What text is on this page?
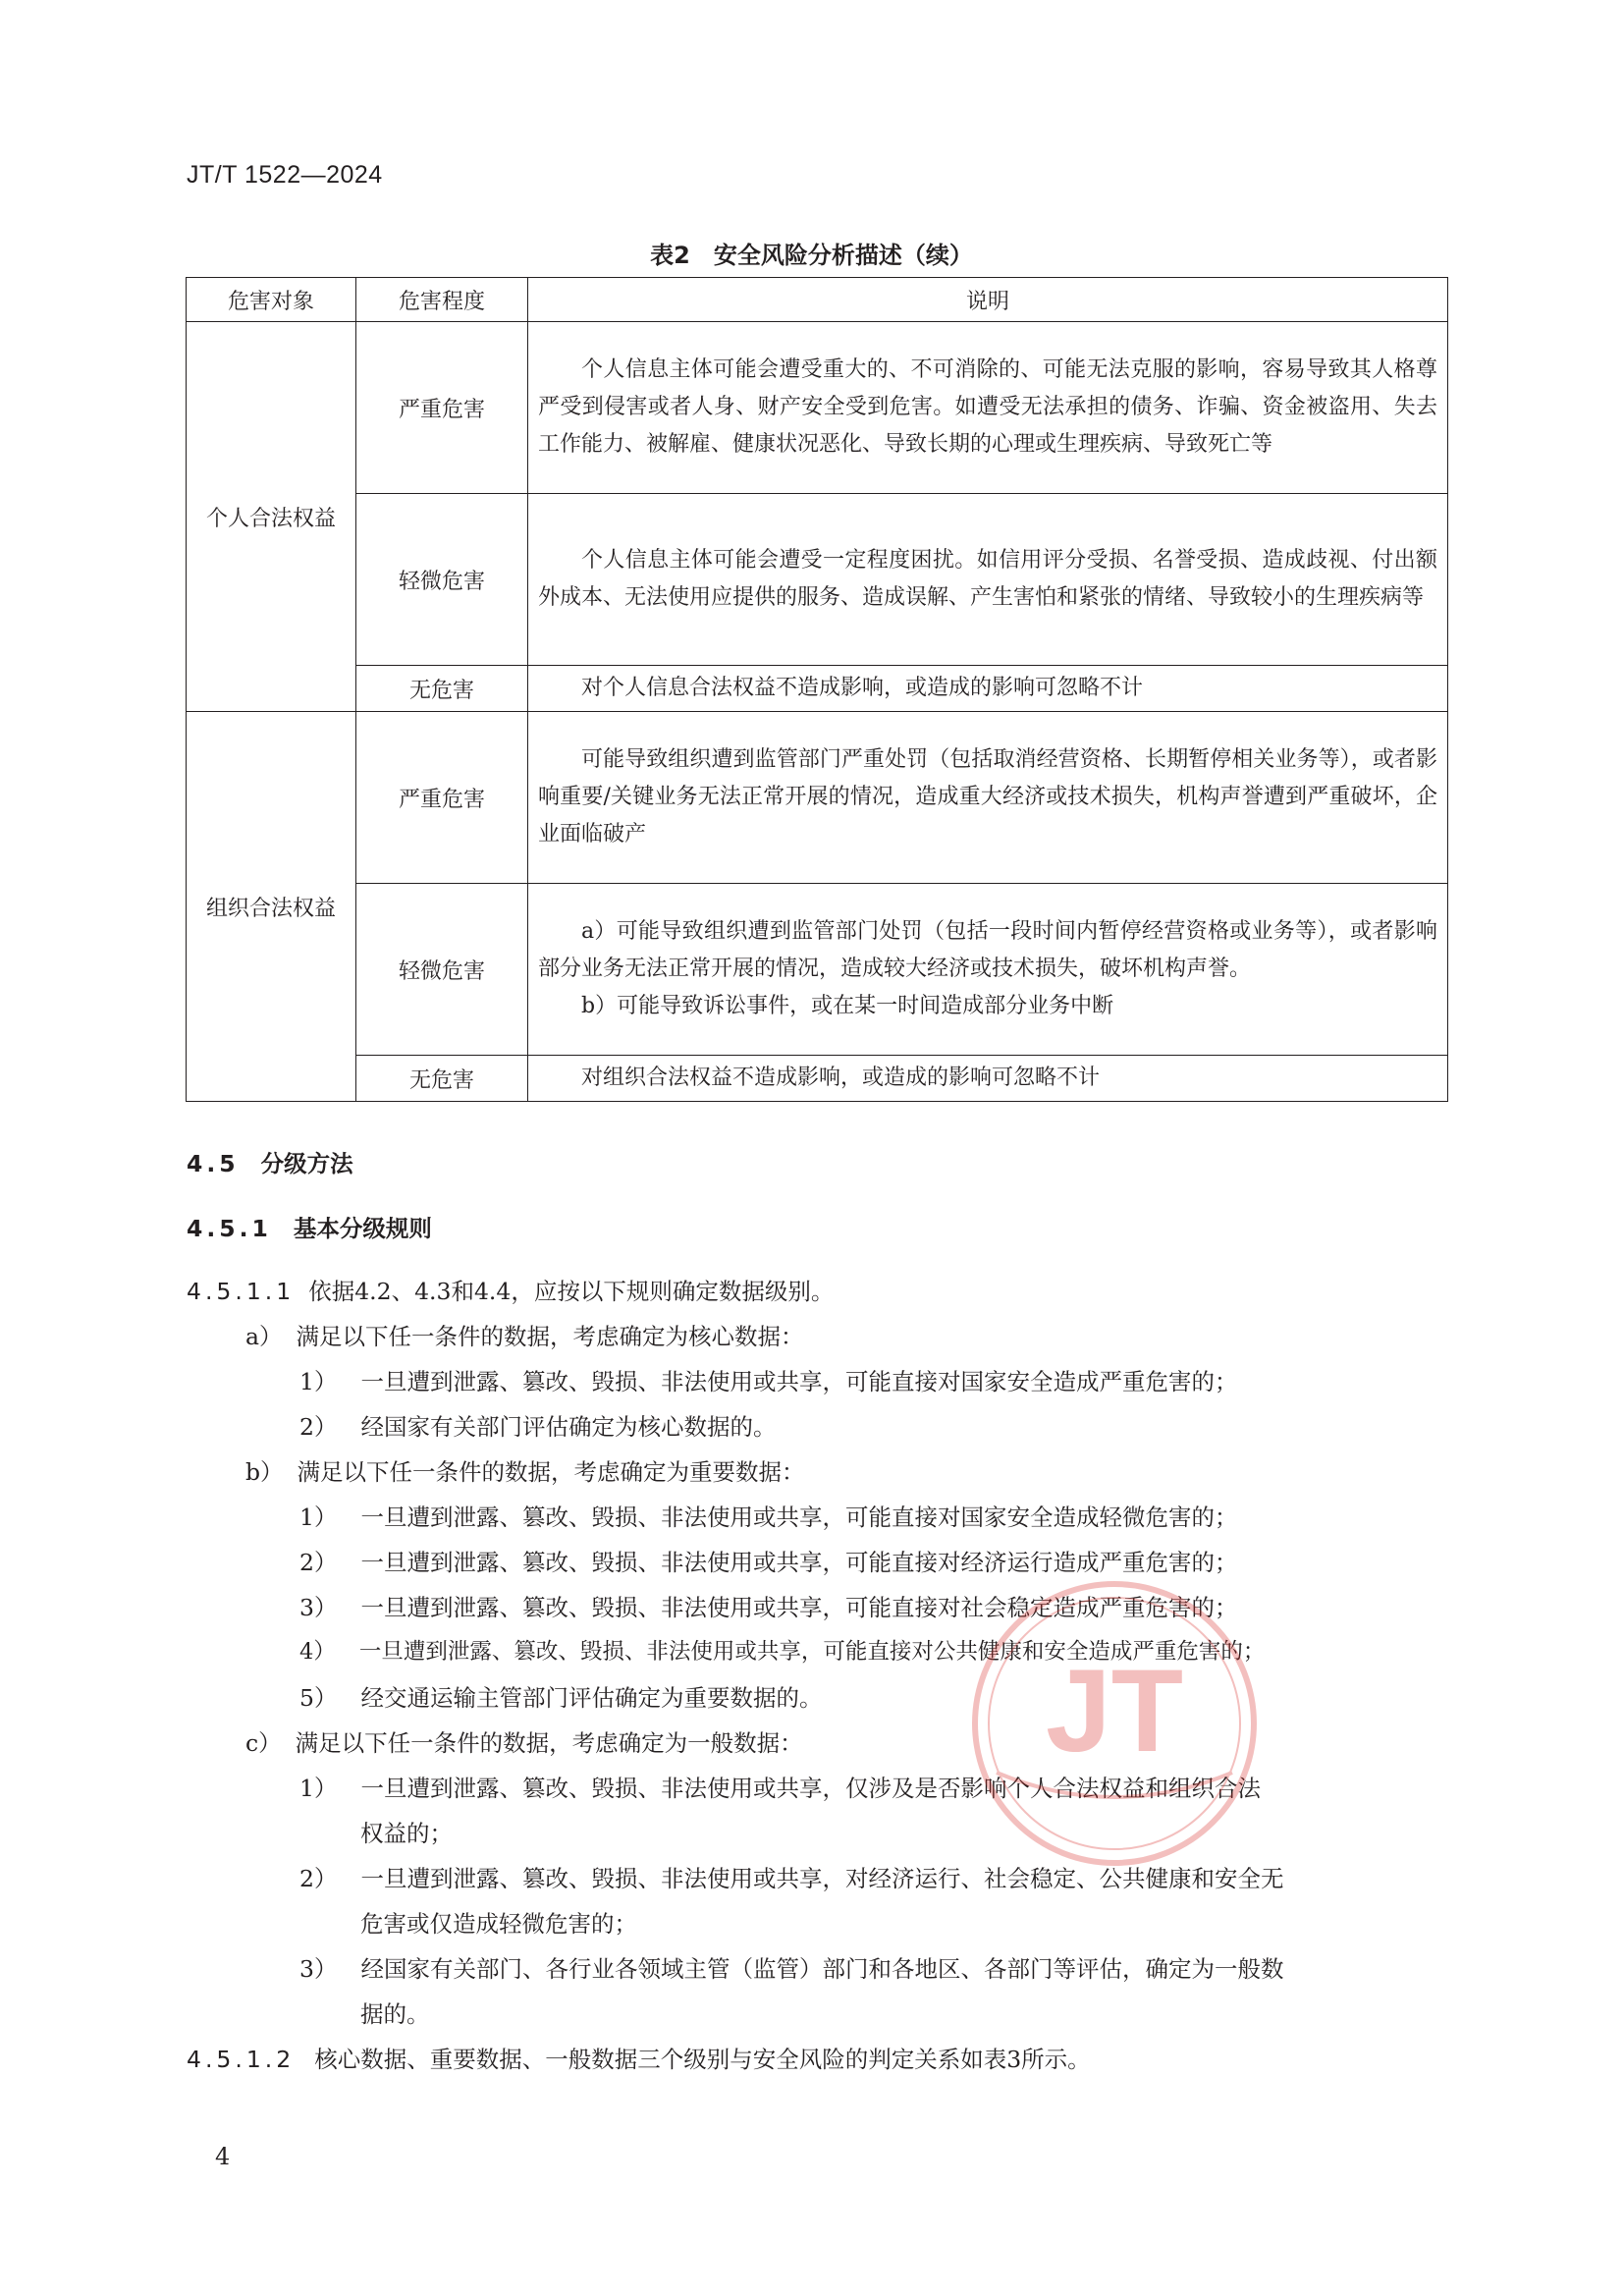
JT/T 1522—2024
表2　安全风险分析描述（续）
危害对象	危害程度	说明
个人合法权益	严重危害	个人信息主体可能会遭受重大的、不可消除的、可能无法克服的影响，容易导致其人格尊严受到侵害或者人身、财产安全受到危害。如遭受无法承担的债务、诈骗、资金被盗用、失去工作能力、被解雇、健康状况恶化、导致长期的心理或生理疾病、导致死亡等

	轻微危害	个人信息主体可能会遭受一定程度困扰。如信用评分受损、名誉受损、造成歧视、付出额外成本、无法使用应提供的服务、造成误解、产生害怕和紧张的情绪、导致较小的生理疾病等

	无危害	对个人信息合法权益不造成影响，或造成的影响可忽略不计

组织合法权益	严重危害	可能导致组织遭到监管部门严重处罚（包括取消经营资格、长期暂停相关业务等），或者影响重要/关键业务无法正常开展的情况，造成重大经济或技术损失，机构声誉遭到严重破坏，企业面临破产

	轻微危害	a）可能导致组织遭到监管部门处罚（包括一段时间内暂停经营资格或业务等），或者影响部分业务无法正常开展的情况，造成较大经济或技术损失，破坏机构声誉。

b）可能导致诉讼事件，或在某一时间造成部分业务中断

	无危害	对组织合法权益不造成影响，或造成的影响可忽略不计

4.5 分级方法
4.5.1 基本分级规则
4.5.1.1 依据4.2、4.3和4.4，应按以下规则确定数据级别。
a） 满足以下任一条件的数据，考虑确定为核心数据：
1） 一旦遭到泄露、篡改、毁损、非法使用或共享，可能直接对国家安全造成严重危害的；
2） 经国家有关部门评估确定为核心数据的。
b） 满足以下任一条件的数据，考虑确定为重要数据：
1） 一旦遭到泄露、篡改、毁损、非法使用或共享，可能直接对国家安全造成轻微危害的；
2） 一旦遭到泄露、篡改、毁损、非法使用或共享，可能直接对经济运行造成严重危害的；
3） 一旦遭到泄露、篡改、毁损、非法使用或共享，可能直接对社会稳定造成严重危害的；
4） 一旦遭到泄露、篡改、毁损、非法使用或共享，可能直接对公共健康和安全造成严重危害的；
5） 经交通运输主管部门评估确定为重要数据的。
c） 满足以下任一条件的数据，考虑确定为一般数据：
1） 一旦遭到泄露、篡改、毁损、非法使用或共享，仅涉及是否影响个人合法权益和组织合法
权益的；
2） 一旦遭到泄露、篡改、毁损、非法使用或共享，对经济运行、社会稳定、公共健康和安全无
危害或仅造成轻微危害的；
3） 经国家有关部门、各行业各领域主管（监管）部门和各地区、各部门等评估，确定为一般数
据的。
4.5.1.2 核心数据、重要数据、一般数据三个级别与安全风险的判定关系如表3所示。
4
JT
